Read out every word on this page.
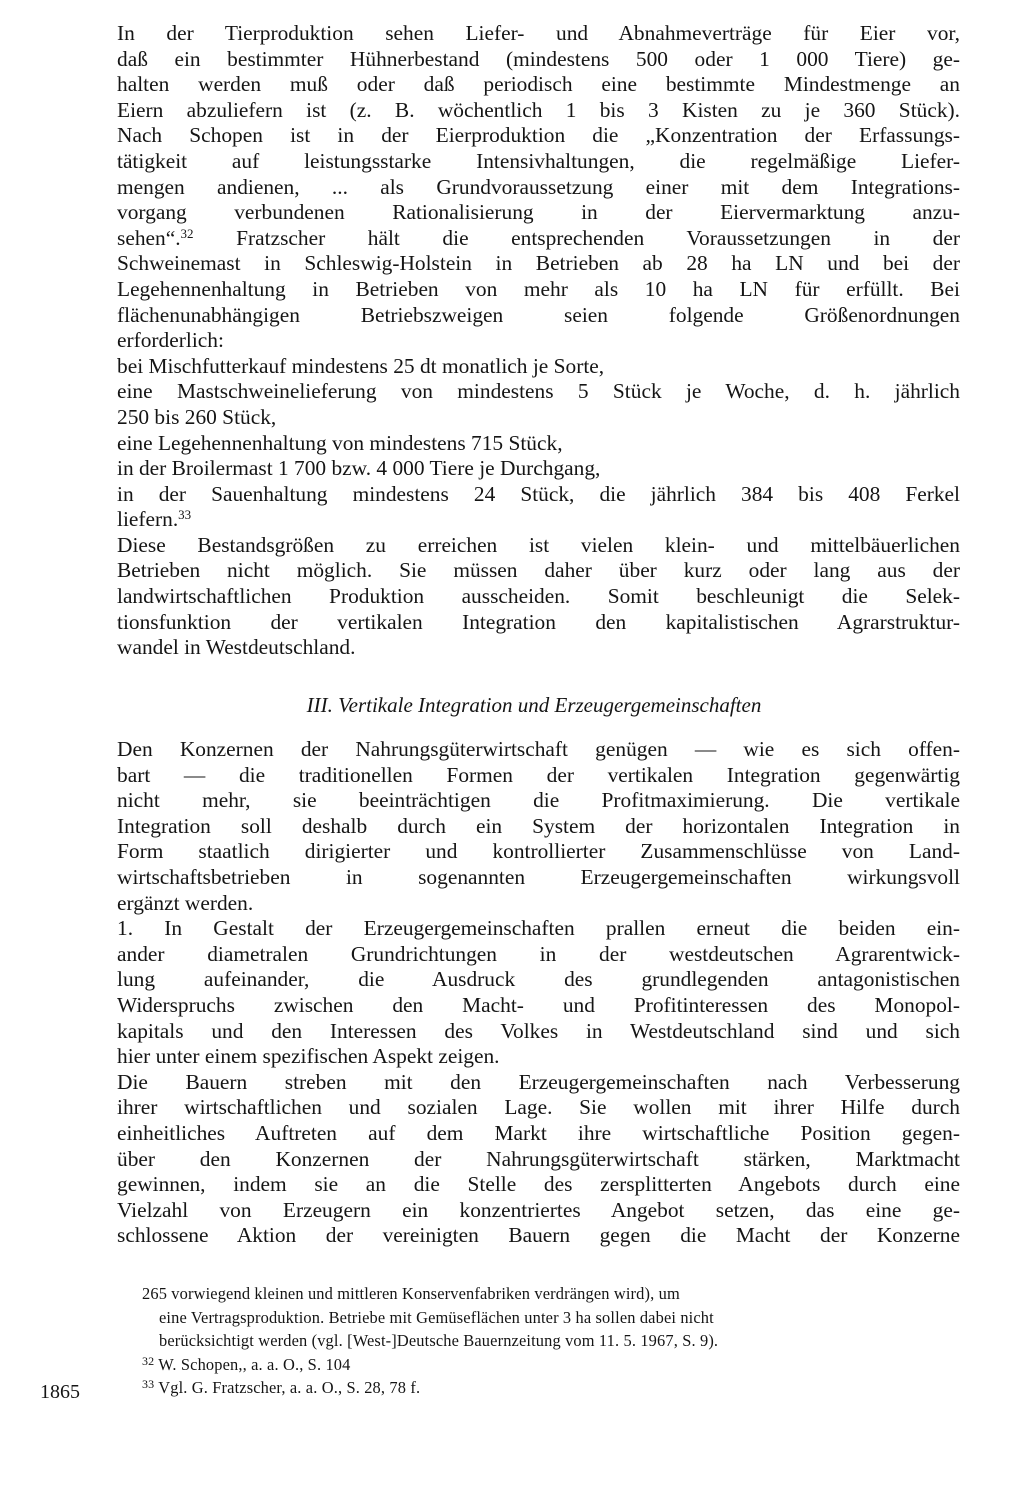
In der Tierproduktion sehen Liefer- und Abnahmeverträge für Eier vor,
daß ein bestimmter Hühnerbestand (mindestens 500 oder 1 000 Tiere) ge-
halten werden muß oder daß periodisch eine bestimmte Mindestmenge an
Eiern abzuliefern ist (z. B. wöchentlich 1 bis 3 Kisten zu je 360 Stück).
Nach Schopen ist in der Eierproduktion die „Konzentration der Erfassungs-
tätigkeit auf leistungsstarke Intensivhaltungen, die regelmäßige Liefer-
mengen andienen, ... als Grundvoraussetzung einer mit dem Integrations-
vorgang verbundenen Rationalisierung in der Eiervermarktung anzu-
sehen“.$^{32}$ Fratzscher hält die entsprechenden Voraussetzungen in der
Schweinemast in Schleswig-Holstein in Betrieben ab 28 ha LN und bei der
Legehennenhaltung in Betrieben von mehr als 10 ha LN für erfüllt. Bei
flächenunabhängigen Betriebszweigen seien folgende Größenordnungen
erforderlich:
bei Mischfutterkauf mindestens 25 dt monatlich je Sorte,
eine Mastschweinelieferung von mindestens 5 Stück je Woche, d. h. jährlich
250 bis 260 Stück,
eine Legehennenhaltung von mindestens 715 Stück,
in der Broilermast 1 700 bzw. 4 000 Tiere je Durchgang,
in der Sauenhaltung mindestens 24 Stück, die jährlich 384 bis 408 Ferkel
liefern.$^{33}$
Diese Bestandsgrößen zu erreichen ist vielen klein- und mittelbäuerlichen
Betrieben nicht möglich. Sie müssen daher über kurz oder lang aus der
landwirtschaftlichen Produktion ausscheiden. Somit beschleunigt die Selek-
tionsfunktion der vertikalen Integration den kapitalistischen Agrarstruktur-
wandel in Westdeutschland.
III. Vertikale Integration und Erzeugergemeinschaften
Den Konzernen der Nahrungsgüterwirtschaft genügen — wie es sich offen-
bart — die traditionellen Formen der vertikalen Integration gegenwärtig
nicht mehr, sie beeinträchtigen die Profitmaximierung. Die vertikale
Integration soll deshalb durch ein System der horizontalen Integration in
Form staatlich dirigierter und kontrollierter Zusammenschlüsse von Land-
wirtschaftsbetrieben in sogenannten Erzeugergemeinschaften wirkungsvoll
ergänzt werden.
1. In Gestalt der Erzeugergemeinschaften prallen erneut die beiden ein-
ander diametralen Grundrichtungen in der westdeutschen Agrarentwick-
lung aufeinander, die Ausdruck des grundlegenden antagonistischen
Widerspruchs zwischen den Macht- und Profitinteressen des Monopol-
kapitals und den Interessen des Volkes in Westdeutschland sind und sich
hier unter einem spezifischen Aspekt zeigen.
Die Bauern streben mit den Erzeugergemeinschaften nach Verbesserung
ihrer wirtschaftlichen und sozialen Lage. Sie wollen mit ihrer Hilfe durch
einheitliches Auftreten auf dem Markt ihre wirtschaftliche Position gegen-
über den Konzernen der Nahrungsgüterwirtschaft stärken, Marktmacht
gewinnen, indem sie an die Stelle des zersplitterten Angebots durch eine
Vielzahl von Erzeugern ein konzentriertes Angebot setzen, das eine ge-
schlossene Aktion der vereinigten Bauern gegen die Macht der Konzerne
265 vorwiegend kleinen und mittleren Konservenfabriken verdrängen wird), um
eine Vertragsproduktion. Betriebe mit Gemüseflächen unter 3 ha sollen dabei nicht
berücksichtigt werden (vgl. [West-]Deutsche Bauernzeitung vom 11. 5. 1967, S. 9).
$^{32}$ W. Schopen,, a. a. O., S. 104
$^{33}$ Vgl. G. Fratzscher, a. a. O., S. 28, 78 f.
1865
